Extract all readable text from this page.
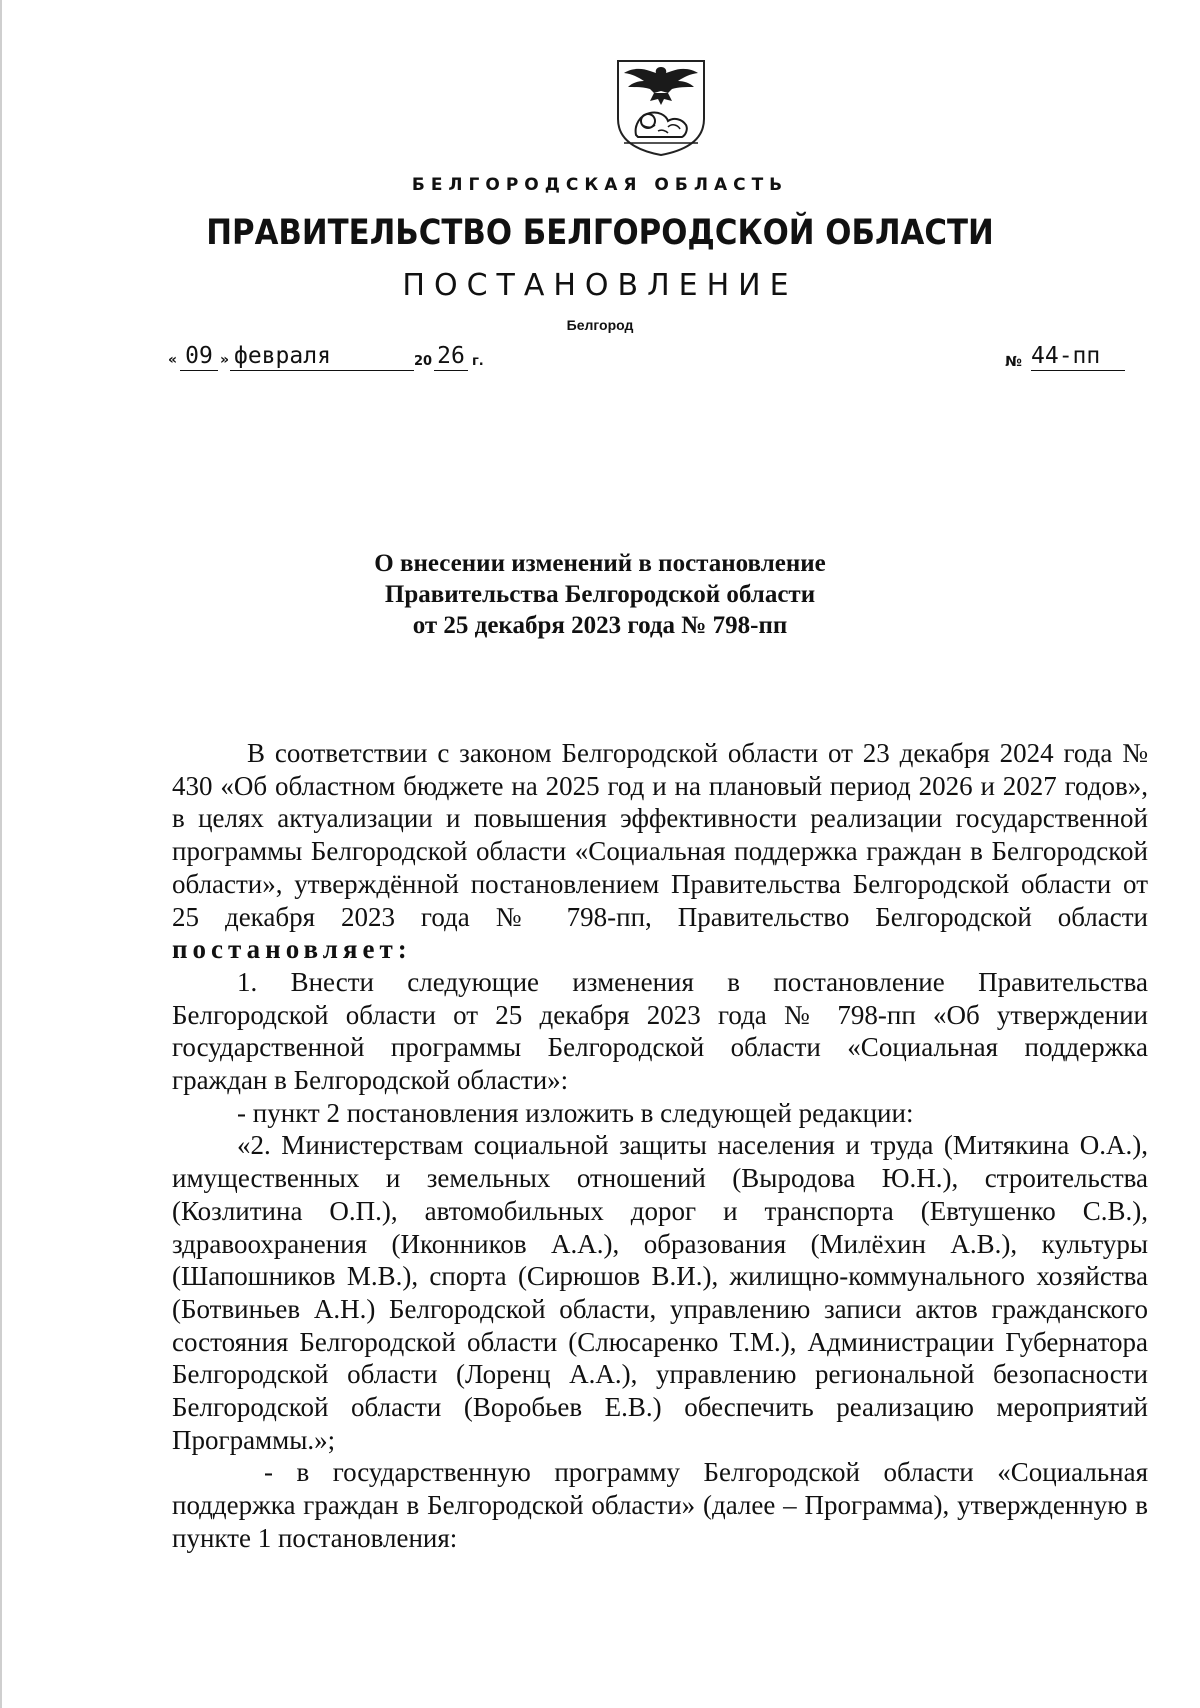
БЕЛГОРОДСКАЯ ОБЛАСТЬ
ПРАВИТЕЛЬСТВО БЕЛГОРОДСКОЙ ОБЛАСТИ
ПОСТАНОВЛЕНИЕ
Белгород
« 09 » февраля	20 26 г.	№ 44-пп
О внесении изменений в постановление
Правительства Белгородской области
от 25 декабря 2023 года № 798-пп

В соответствии с законом Белгородской области от 23 декабря 2024 года № 430 «Об областном бюджете на 2025 год и на плановый период 2026 и 2027 годов», в целях актуализации и повышения эффективности реализации государственной программы Белгородской области «Социальная поддержка граждан в Белгородской области», утверждённой постановлением Правительства Белгородской области от 25 декабря 2023 года № 798-пп, Правительство Белгородской области постановляет:

1. Внести следующие изменения в постановление Правительства Белгородской области от 25 декабря 2023 года № 798-пп «Об утверждении государственной программы Белгородской области «Социальная поддержка граждан в Белгородской области»:

- пункт 2 постановления изложить в следующей редакции:

«2. Министерствам социальной защиты населения и труда (Митякина О.А.), имущественных и земельных отношений (Выродова Ю.Н.), строительства (Козлитина О.П.), автомобильных дорог и транспорта (Евтушенко С.В.), здравоохранения (Иконников А.А.), образования (Милёхин А.В.), культуры (Шапошников М.В.), спорта (Сирюшов В.И.), жилищно-коммунального хозяйства (Ботвиньев А.Н.) Белгородской области, управлению записи актов гражданского состояния Белгородской области (Слюсаренко Т.М.), Администрации Губернатора Белгородской области (Лоренц А.А.), управлению региональной безопасности Белгородской области (Воробьев Е.В.) обеспечить реализацию мероприятий Программы.»;

- в государственную программу Белгородской области «Социальная поддержка граждан в Белгородской области» (далее – Программа), утвержденную в пункте 1 постановления:
